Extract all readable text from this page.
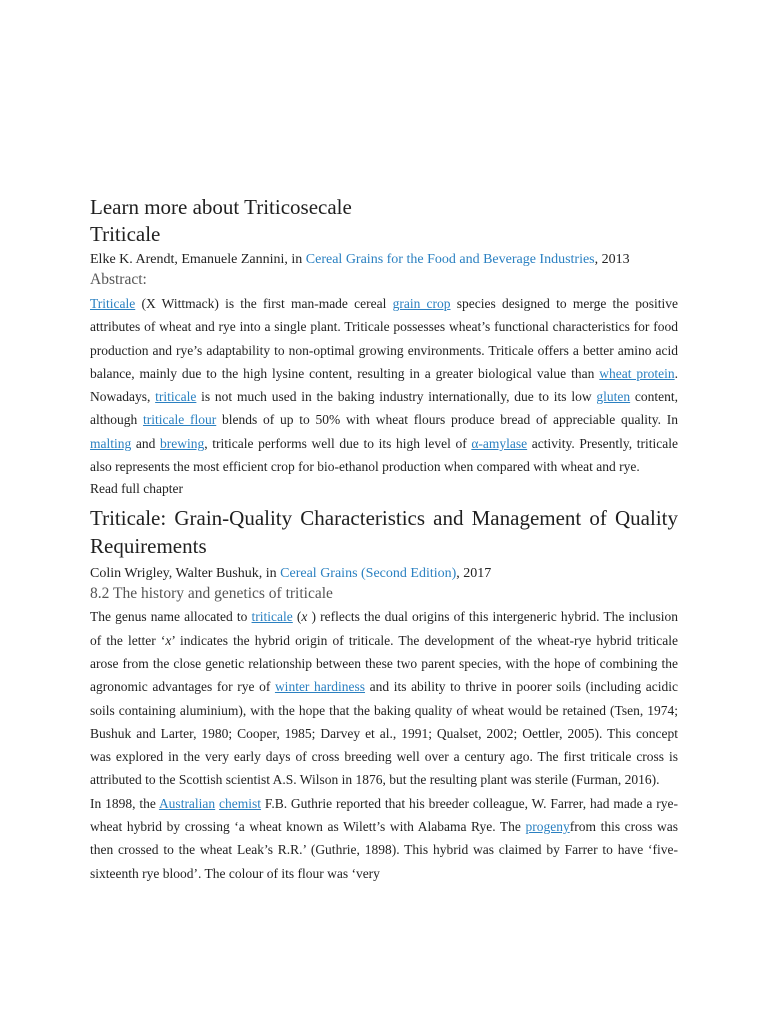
Learn more about Triticosecale
Triticale

Elke K. Arendt, Emanuele Zannini, in Cereal Grains for the Food and Beverage Industries, 2013

Abstract:

Triticale (X Wittmack) is the first man-made cereal grain crop species designed to merge the positive attributes of wheat and rye into a single plant. Triticale possesses wheat’s functional characteristics for food production and rye’s adaptability to non-optimal growing environments. Triticale offers a better amino acid balance, mainly due to the high lysine content, resulting in a greater biological value than wheat protein. Nowadays, triticale is not much used in the baking industry internationally, due to its low gluten content, although triticale flour blends of up to 50% with wheat flours produce bread of appreciable quality. In malting and brewing, triticale performs well due to its high level of α-amylase activity. Presently, triticale also represents the most efficient crop for bio-ethanol production when compared with wheat and rye.

Read full chapter

Triticale: Grain-Quality Characteristics and Management of Quality Requirements

Colin Wrigley, Walter Bushuk, in Cereal Grains (Second Edition), 2017

8.2 The history and genetics of triticale

The genus name allocated to triticale (x ) reflects the dual origins of this intergeneric hybrid. The inclusion of the letter ‘x’ indicates the hybrid origin of triticale. The development of the wheat-rye hybrid triticale arose from the close genetic relationship between these two parent species, with the hope of combining the agronomic advantages for rye of winter hardiness and its ability to thrive in poorer soils (including acidic soils containing aluminium), with the hope that the baking quality of wheat would be retained (Tsen, 1974; Bushuk and Larter, 1980; Cooper, 1985; Darvey et al., 1991; Qualset, 2002; Oettler, 2005). This concept was explored in the very early days of cross breeding well over a century ago. The first triticale cross is attributed to the Scottish scientist A.S. Wilson in 1876, but the resulting plant was sterile (Furman, 2016).

In 1898, the Australian chemist F.B. Guthrie reported that his breeder colleague, W. Farrer, had made a rye-wheat hybrid by crossing ‘a wheat known as Wilett’s with Alabama Rye. The progenyfrom this cross was then crossed to the wheat Leak’s R.R.’ (Guthrie, 1898). This hybrid was claimed by Farrer to have ‘five-sixteenth rye blood’. The colour of its flour was ‘very
